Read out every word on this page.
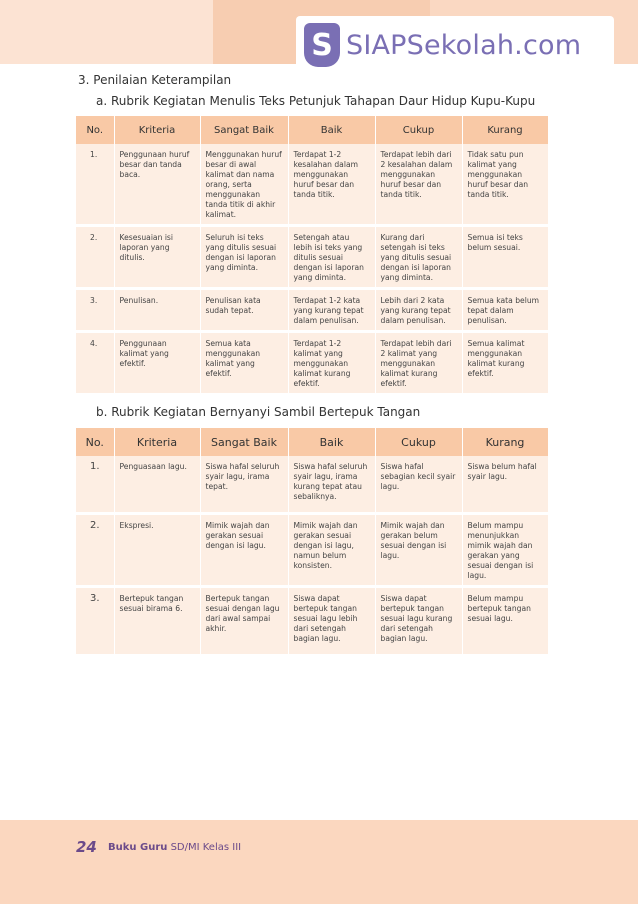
S SIAPSekolah.com
3. Penilaian Keterampilan
a. Rubrik Kegiatan Menulis Teks Petunjuk Tahapan Daur Hidup Kupu-Kupu
No.	Kriteria	Sangat Baik	Baik	Cukup	Kurang
1.	Penggunaan huruf besar dan tanda baca.	Menggunakan huruf besar di awal kalimat dan nama orang, serta menggunakan tanda titik di akhir kalimat.	Terdapat 1-2 kesalahan dalam menggunakan huruf besar dan tanda titik.	Terdapat lebih dari 2 kesalahan dalam menggunakan huruf besar dan tanda titik.	Tidak satu pun kalimat yang menggunakan huruf besar dan tanda titik.
2.	Kesesuaian isi laporan yang ditulis.	Seluruh isi teks yang ditulis sesuai dengan isi laporan yang diminta.	Setengah atau lebih isi teks yang ditulis sesuai dengan isi laporan yang diminta.	Kurang dari setengah isi teks yang ditulis sesuai dengan isi laporan yang diminta.	Semua isi teks belum sesuai.
3.	Penulisan.	Penulisan kata sudah tepat.	Terdapat 1-2 kata yang kurang tepat dalam penulisan.	Lebih dari 2 kata yang kurang tepat dalam penulisan.	Semua kata belum tepat dalam penulisan.
4.	Penggunaan kalimat yang efektif.	Semua kata menggunakan kalimat yang efektif.	Terdapat 1-2 kalimat yang menggunakan kalimat kurang efektif.	Terdapat lebih dari 2 kalimat yang menggunakan kalimat kurang efektif.	Semua kalimat menggunakan kalimat kurang efektif.
b. Rubrik Kegiatan Bernyanyi Sambil Bertepuk Tangan
No.	Kriteria	Sangat Baik	Baik	Cukup	Kurang
1.	Penguasaan lagu.	Siswa hafal seluruh syair lagu, irama tepat.	Siswa hafal seluruh syair lagu, irama kurang tepat atau sebaliknya.	Siswa hafal sebagian kecil syair lagu.	Siswa belum hafal syair lagu.
2.	Ekspresi.	Mimik wajah dan gerakan sesuai dengan isi lagu.	Mimik wajah dan gerakan sesuai dengan isi lagu, namun belum konsisten.	Mimik wajah dan gerakan belum sesuai dengan isi lagu.	Belum mampu menunjukkan mimik wajah dan gerakan yang sesuai dengan isi lagu.
3.	Bertepuk tangan sesuai birama 6.	Bertepuk tangan sesuai dengan lagu dari awal sampai akhir.	Siswa dapat bertepuk tangan sesuai lagu lebih dari setengah bagian lagu.	Siswa dapat bertepuk tangan sesuai lagu kurang dari setengah bagian lagu.	Belum mampu bertepuk tangan sesuai lagu.
24 Buku Guru SD/MI Kelas III
